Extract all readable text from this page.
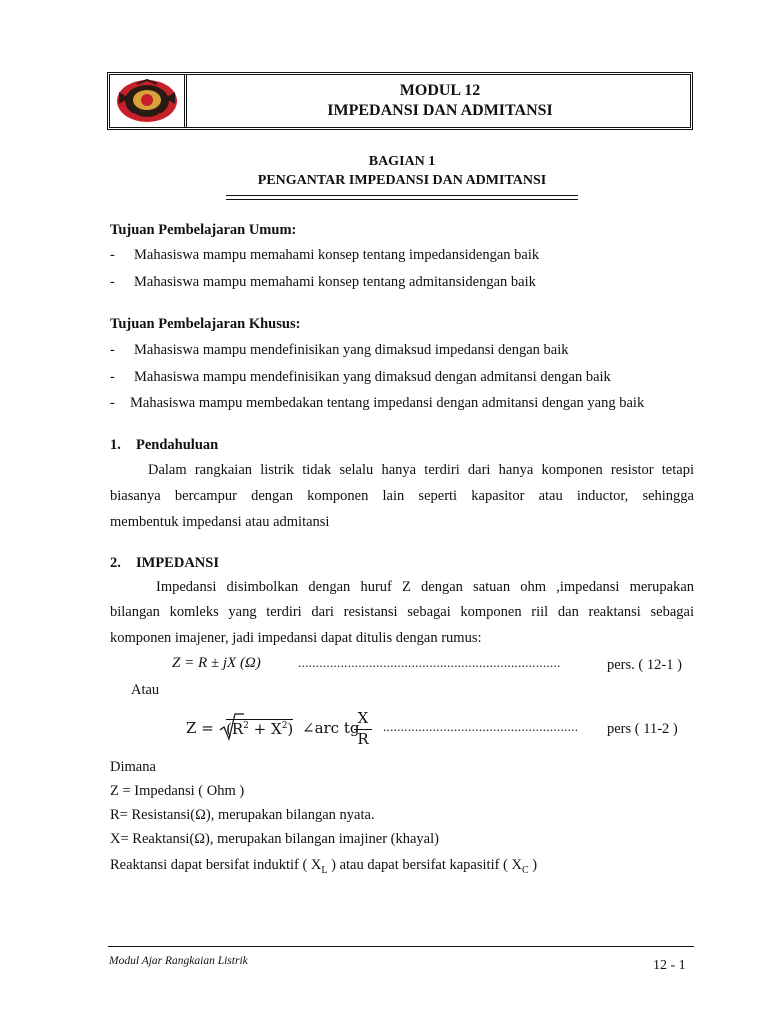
MODUL 12
IMPEDANSI DAN ADMITANSI
BAGIAN 1
PENGANTAR IMPEDANSI DAN ADMITANSI
Tujuan Pembelajaran Umum:
- Mahasiswa mampu memahami konsep tentang impedansidengan baik
- Mahasiswa mampu memahami konsep tentang admitansidengan baik
Tujuan Pembelajaran Khusus:
- Mahasiswa mampu mendefinisikan yang dimaksud impedansi dengan baik
- Mahasiswa mampu mendefinisikan yang dimaksud dengan admitansi dengan baik
- Mahasiswa mampu membedakan tentang impedansi dengan admitansi dengan yang baik
1. Pendahuluan
Dalam rangkaian listrik tidak selalu hanya terdiri dari hanya komponen resistor tetapi
biasanya bercampur dengan komponen lain seperti kapasitor atau inductor, sehingga
membentuk impedansi atau admitansi
2. IMPEDANSI
Impedansi disimbolkan dengan huruf Z dengan satuan ohm ,impedansi merupakan
bilangan komleks yang terdiri dari resistansi sebagai komponen riil dan reaktansi sebagai
komponen imajener, jadi impedansi dapat ditulis dengan rumus:
Z = R ± jX (Ω)	..........................................................................	pers. ( 12-1 )
Atau
$Z = (R^2 + X^2)$ ∠arc tg
X
R
....................................................... pers ( 11-2 )
Dimana
Z = Impedansi ( Ohm )
R= Resistansi(Ω), merupakan bilangan nyata.
X= Reaktansi(Ω), merupakan bilangan imajiner (khayal)
Reaktansi dapat bersifat induktif ( $X_L$ ) atau dapat bersifat kapasitif ( $X_C$ )
Modul Ajar Rangkaian Listrik	12 - 1
